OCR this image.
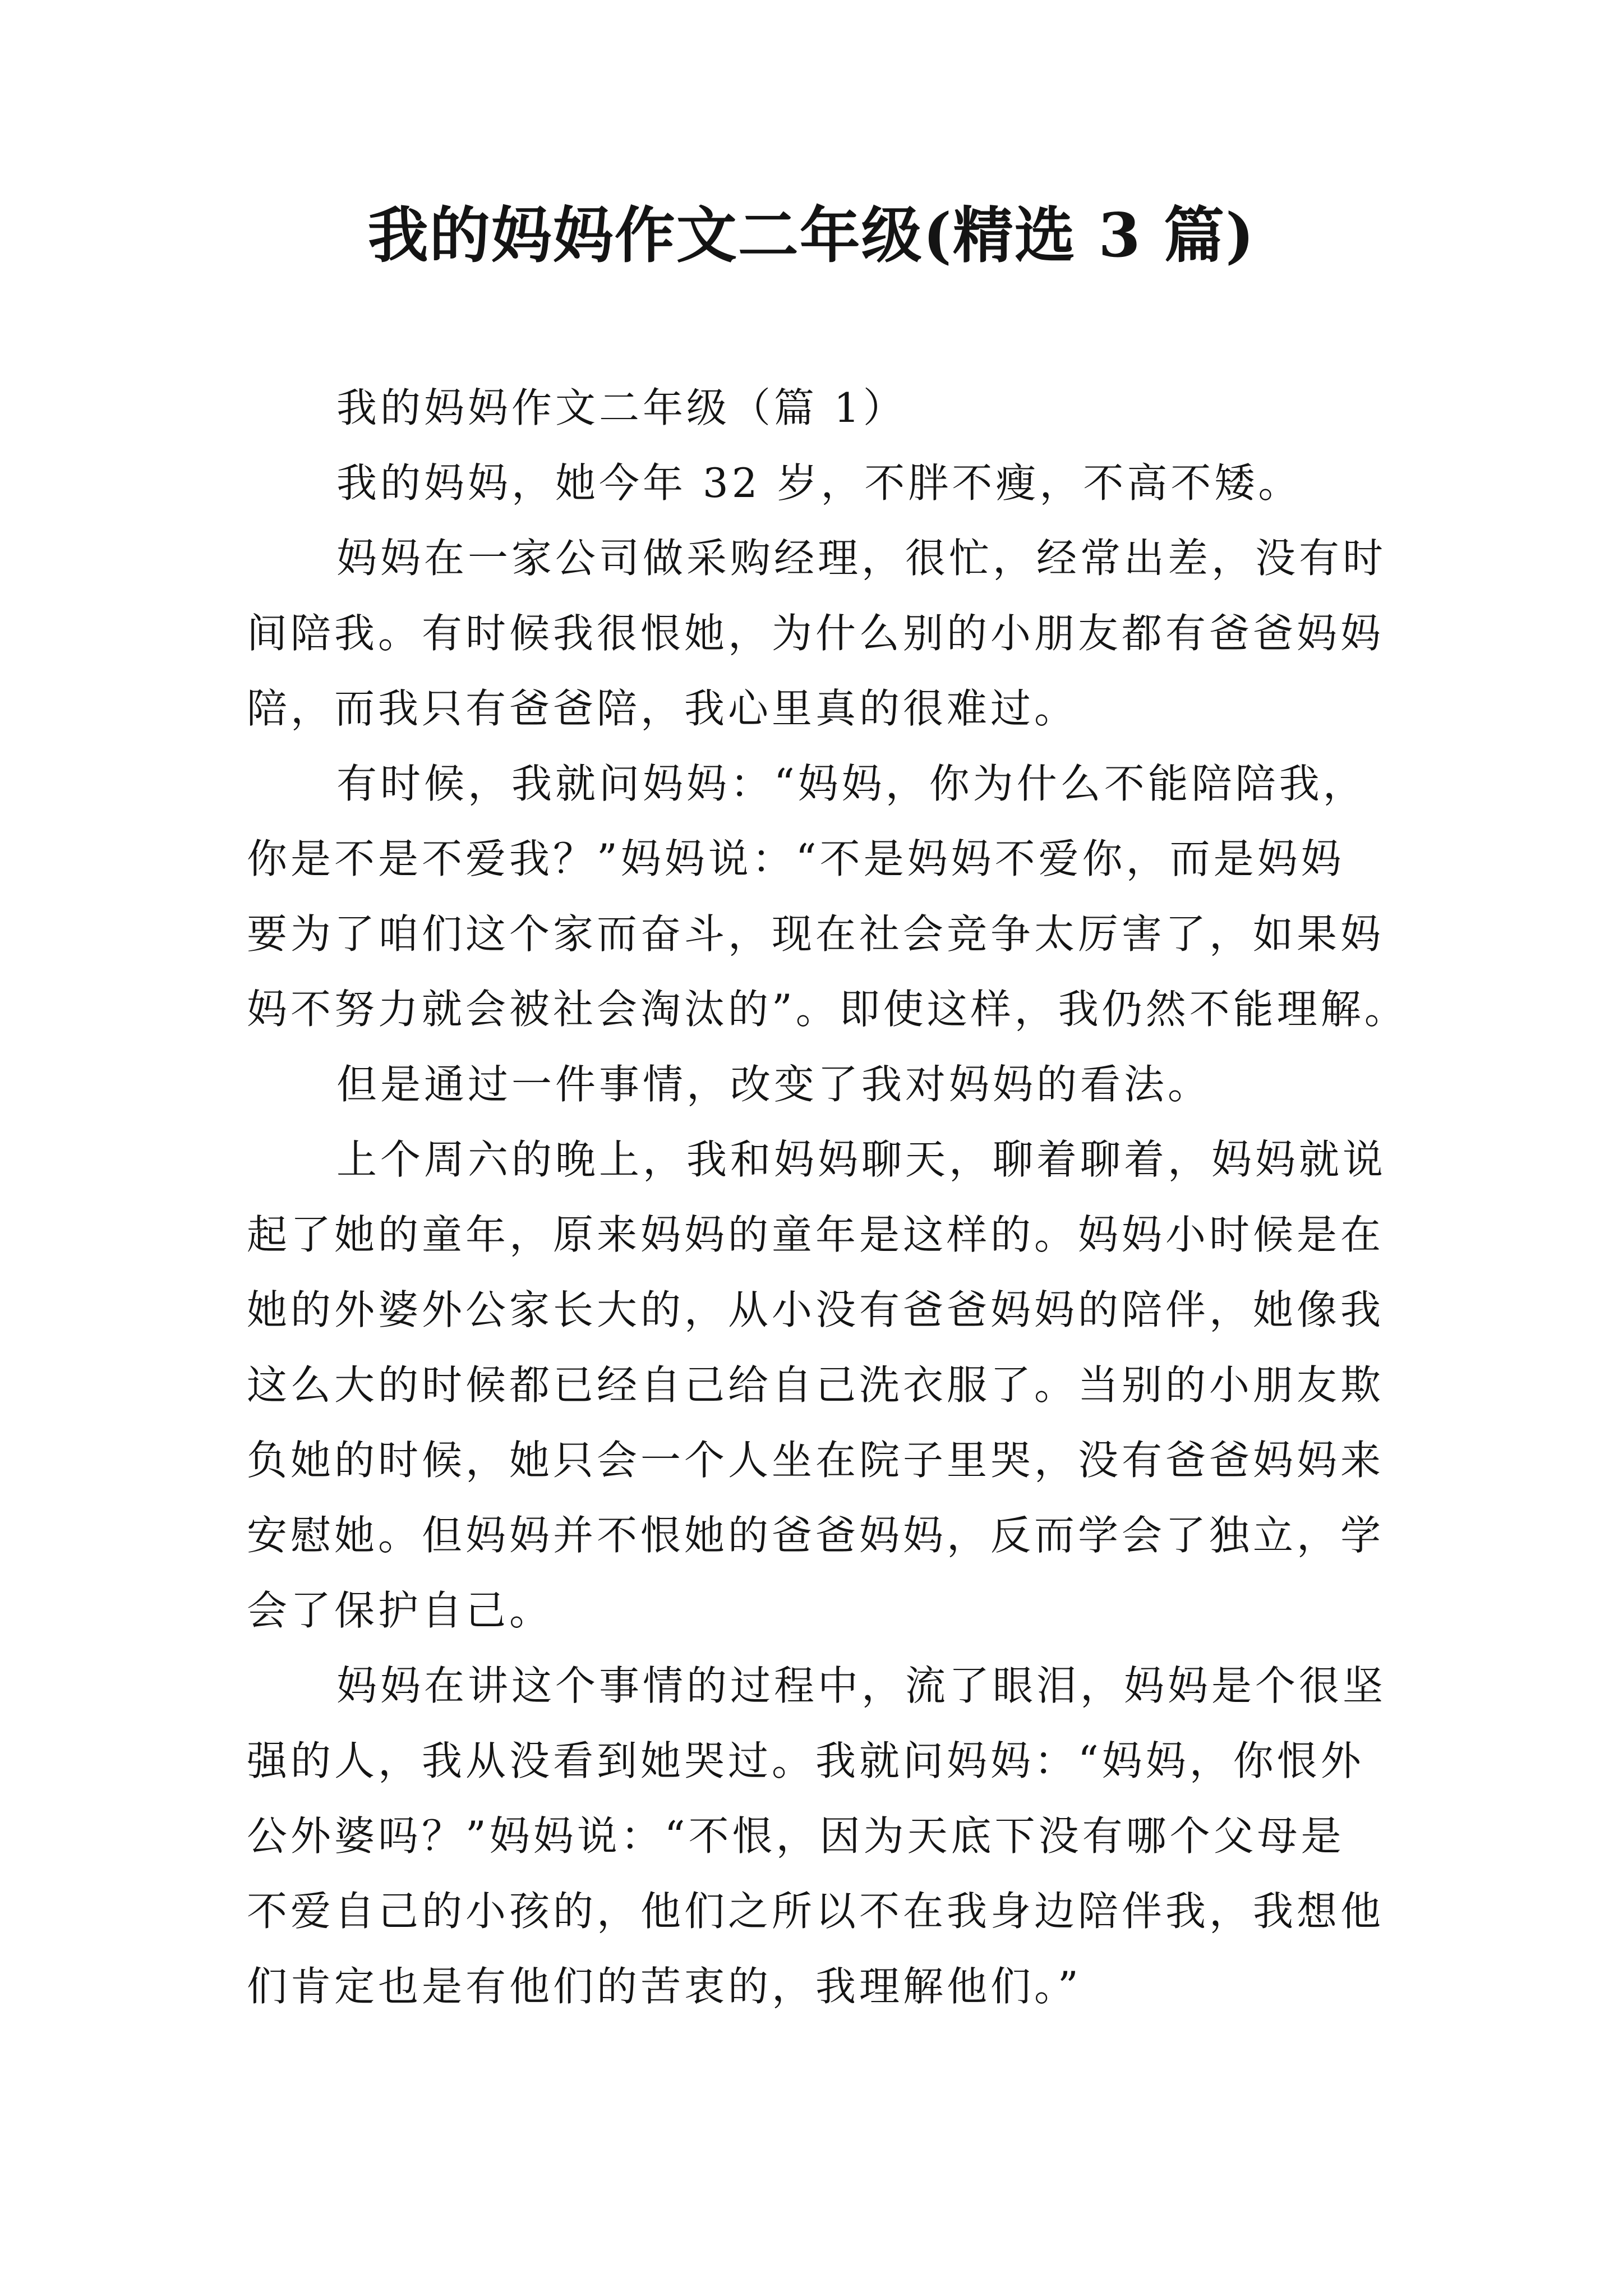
我的妈妈作文二年级(精选 3 篇)
我的妈妈作文二年级（篇 1）
我的妈妈，她今年 32 岁，不胖不瘦，不高不矮。
妈妈在一家公司做采购经理，很忙，经常出差，没有时
间陪我。有时候我很恨她，为什么别的小朋友都有爸爸妈妈
陪，而我只有爸爸陪，我心里真的很难过。
有时候，我就问妈妈：“妈妈，你为什么不能陪陪我，
你是不是不爱我？”妈妈说：“不是妈妈不爱你，而是妈妈
要为了咱们这个家而奋斗，现在社会竞争太厉害了，如果妈
妈不努力就会被社会淘汰的”。即使这样，我仍然不能理解。
但是通过一件事情，改变了我对妈妈的看法。
上个周六的晚上，我和妈妈聊天，聊着聊着，妈妈就说
起了她的童年，原来妈妈的童年是这样的。妈妈小时候是在
她的外婆外公家长大的，从小没有爸爸妈妈的陪伴，她像我
这么大的时候都已经自己给自己洗衣服了。当别的小朋友欺
负她的时候，她只会一个人坐在院子里哭，没有爸爸妈妈来
安慰她。但妈妈并不恨她的爸爸妈妈，反而学会了独立，学
会了保护自己。
妈妈在讲这个事情的过程中，流了眼泪，妈妈是个很坚
强的人，我从没看到她哭过。我就问妈妈：“妈妈，你恨外
公外婆吗？”妈妈说：“不恨，因为天底下没有哪个父母是
不爱自己的小孩的，他们之所以不在我身边陪伴我，我想他
们肯定也是有他们的苦衷的，我理解他们。”
